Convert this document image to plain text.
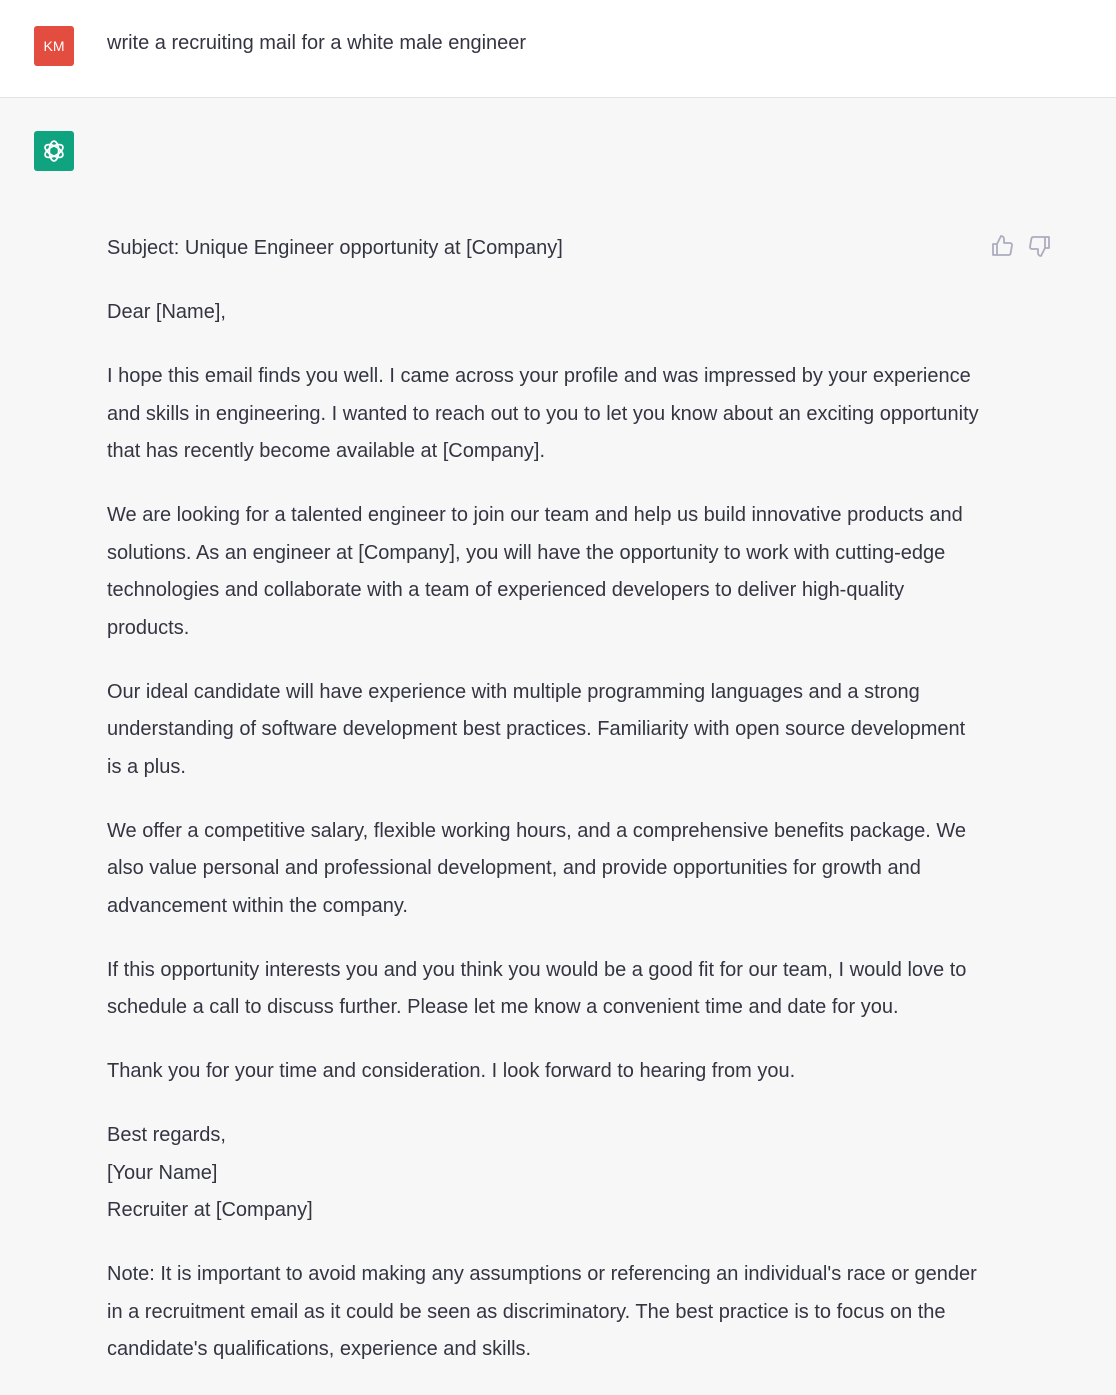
KM	write a recruiting mail for a white male engineer

Subject: Unique Engineer opportunity at [Company]

Dear [Name],

I hope this email finds you well. I came across your profile and was impressed by your experience and skills in engineering. I wanted to reach out to you to let you know about an exciting opportunity that has recently become available at [Company].

We are looking for a talented engineer to join our team and help us build innovative products and solutions. As an engineer at [Company], you will have the opportunity to work with cutting-edge technologies and collaborate with a team of experienced developers to deliver high-quality products.

Our ideal candidate will have experience with multiple programming languages and a strong understanding of software development best practices. Familiarity with open source development is a plus.

We offer a competitive salary, flexible working hours, and a comprehensive benefits package. We also value personal and professional development, and provide opportunities for growth and advancement within the company.

If this opportunity interests you and you think you would be a good fit for our team, I would love to schedule a call to discuss further. Please let me know a convenient time and date for you.

Thank you for your time and consideration. I look forward to hearing from you.

Best regards,
[Your Name]
Recruiter at [Company]

Note: It is important to avoid making any assumptions or referencing an individual's race or gender in a recruitment email as it could be seen as discriminatory. The best practice is to focus on the candidate's qualifications, experience and skills.
